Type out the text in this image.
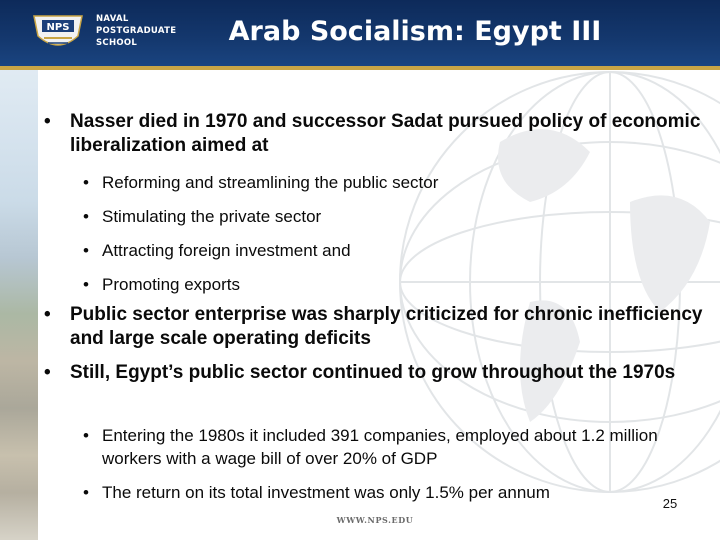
NPS
NAVAL
POSTGRADUATE
SCHOOL	Arab Socialism: Egypt III
• Nasser died in 1970 and successor Sadat pursued policy of economic liberalization aimed at
• Reforming and streamlining the public sector
• Stimulating the private sector
• Attracting foreign investment and
• Promoting exports
• Public sector enterprise was sharply criticized for chronic inefficiency and large scale operating deficits
• Still, Egypt’s public sector continued to grow throughout the 1970s
• Entering the 1980s it included 391 companies, employed about 1.2 million workers with a wage bill of over 20% of GDP
• The return on its total investment was only 1.5% per annum
25
WWW.NPS.EDU
